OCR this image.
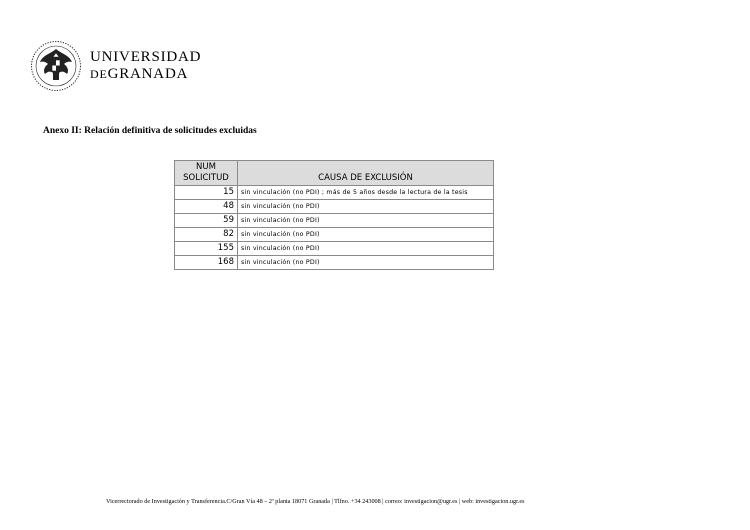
UNIVERSIDAD
DEGRANADA
Anexo II: Relación definitiva de solicitudes excluidas
NUM
SOLICITUD	CAUSA DE EXCLUSIÓN
15	sin vinculación (no PDI) ; más de 5 años desde la lectura de la tesis
48	sin vinculación (no PDI)
59	sin vinculación (no PDI)
82	sin vinculación (no PDI)
155	sin vinculación (no PDI)
168	sin vinculación (no PDI)
Vicerrectorado de Investigación y Transferencia.C/Gran Vía 48 – 2ª planta 18071 Granada | Tlfno. +34 243008 | correo: investigacion@ugr.es | web: investigacion.ugr.es
